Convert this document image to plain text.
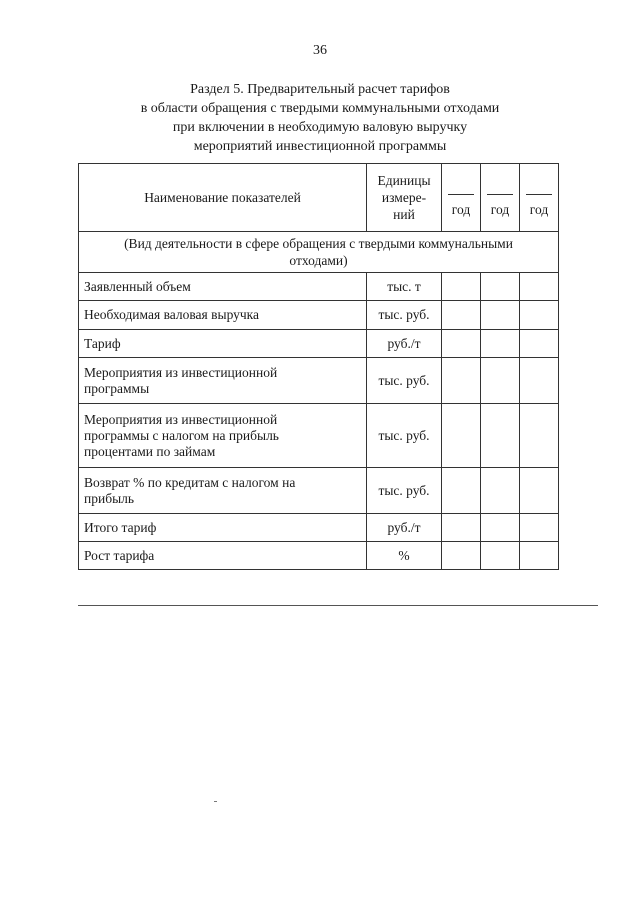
36
Раздел 5. Предварительный расчет тарифов
в области обращения с твердыми коммунальными отходами
при включении в необходимую валовую выручку
мероприятий инвестиционной программы
Наименование показателей	Единицы
измере-
ний	год	год	год

(Вид деятельности в сфере обращения с твердыми коммунальными
отходами)				

Заявленный объем	тыс. т			

Необходимая валовая выручка	тыс. руб.			

Тариф	руб./т			

Мероприятия из инвестиционной
программы	тыс. руб.			

Мероприятия из инвестиционной
программы с налогом на прибыль
процентами по займам	тыс. руб.			

Возврат % по кредитам с налогом на
прибыль	тыс. руб.			

Итого тариф	руб./т			

Рост тарифа	%			
